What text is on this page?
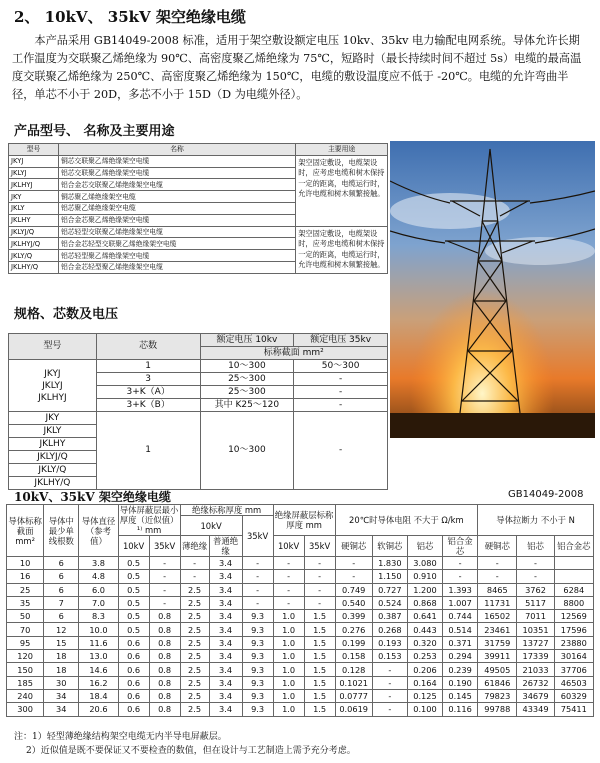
2、 10kV、 35kV 架空绝缘电缆

本产品采用 GB14049-2008 标准，适用于架空敷设额定电压 10kv、35kv 电力输配电网系统。导体允许长期工作温度为交联聚乙烯绝缘为 90℃、高密度聚乙烯绝缘为 75℃，短路时（最长持续时间不超过 5s）电缆的最高温度交联聚乙烯绝缘为 250℃、高密度聚乙烯绝缘为 150℃，电缆的敷设温度应不低于 -20℃。电缆的允许弯曲半径，单芯不小于 20D，多芯不小于 15D（D 为电缆外径）。

产品型号、 名称及主要用途
型号	名称	主要用途
JKYJ	铜芯交联聚乙烯绝缘架空电缆	架空固定敷设，电缆架设时，应考虑电缆和树木保持一定的距离，电缆运行时，允许电缆和树木频繁接触。
JKLYJ	铝芯交联聚乙烯绝缘架空电缆	
JKLHYJ	铝合金芯交联聚乙烯绝缘架空电缆	
JKY	铜芯聚乙烯绝缘架空电缆	
JKLY	铝芯聚乙烯绝缘架空电缆	
JKLHY	铝合金芯聚乙烯绝缘架空电缆	
JKLYJ/Q	铝芯轻型交联聚乙烯绝缘架空电缆	架空固定敷设，电缆架设时，应考虑电缆和树木保持一定的距离，电缆运行时，允许电缆和树木频繁接触。
JKLHYJ/Q	铝合金芯轻型交联聚乙烯绝缘架空电缆	
JKLY/Q	铝芯轻型聚乙烯绝缘架空电缆	
JKLHY/Q	铝合金芯轻型聚乙烯绝缘架空电缆	
规格、芯数及电压
型号	芯数	额定电压 10kv	额定电压 35kv
		标称截面 mm²	

JKYJ
JKLYJ
JKLHYJ	1	10～300	50～300
	3	25～300	-
	3+K（A）	25～300	-
	3+K（B）	其中 K25～120	-
JKY	1	10～300	-
JKLY			
JKLHY			
JKLYJ/Q			
JKLY/Q			
JKLHY/Q			
10kV、35kV 架空绝缘电缆	GB14049-2008
导体标称截面 mm²	导体中最少单线根数	导体直径（参考值）	导体屏蔽层最小厚度（近似值）¹⁾ mm		绝缘标称厚度 mm			绝缘屏蔽层标称厚度 mm		20℃时导体电阻 不大于 Ω/km				导体拉断力 不小于 N		
					10kV		35kV									
			10kV	35kV	薄绝缘	普通绝缘		10kV	35kV	硬铜芯	软铜芯	铝芯	铝合金芯	硬铜芯	铝芯	铝合金芯
10	6	3.8	0.5	-	-	3.4	-	-	-	-	1.830	3.080	-	-	-	
16	6	4.8	0.5	-	-	3.4	-	-	-	-	1.150	0.910	-	-	-	
25	6	6.0	0.5	-	2.5	3.4	-	-	-	0.749	0.727	1.200	1.393	8465	3762	6284
35	7	7.0	0.5	-	2.5	3.4	-	-	-	0.540	0.524	0.868	1.007	11731	5117	8800
50	6	8.3	0.5	0.8	2.5	3.4	9.3	1.0	1.5	0.399	0.387	0.641	0.744	16502	7011	12569
70	12	10.0	0.5	0.8	2.5	3.4	9.3	1.0	1.5	0.276	0.268	0.443	0.514	23461	10351	17596
95	15	11.6	0.6	0.8	2.5	3.4	9.3	1.0	1.5	0.199	0.193	0.320	0.371	31759	13727	23880
120	18	13.0	0.6	0.8	2.5	3.4	9.3	1.0	1.5	0.158	0.153	0.253	0.294	39911	17339	30164
150	18	14.6	0.6	0.8	2.5	3.4	9.3	1.0	1.5	0.128	-	0.206	0.239	49505	21033	37706
185	30	16.2	0.6	0.8	2.5	3.4	9.3	1.0	1.5	0.1021	-	0.164	0.190	61846	26732	46503
240	34	18.4	0.6	0.8	2.5	3.4	9.3	1.0	1.5	0.0777	-	0.125	0.145	79823	34679	60329
300	34	20.6	0.6	0.8	2.5	3.4	9.3	1.0	1.5	0.0619	-	0.100	0.116	99788	43349	75411
注：1）轻型薄绝缘结构架空电缆无内半导电屏蔽层。
2）近似值是既不要保证又不要检查的数值，但在设计与工艺制造上需予充分考虑。
